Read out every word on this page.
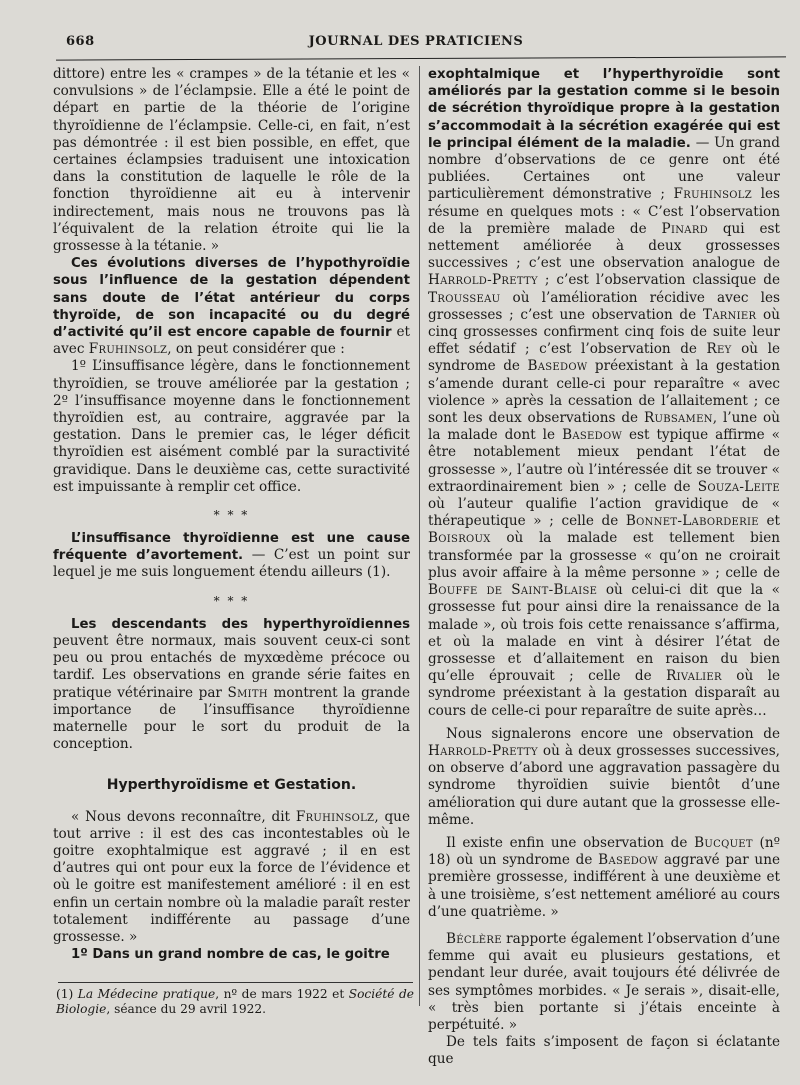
668	JOURNAL DES PRATICIENS

dittore) entre les « crampes » de la tétanie et les « convulsions » de l’éclampsie. Elle a été le point de départ en partie de la théorie de l’origine thyroïdienne de l’éclampsie. Celle-ci, en fait, n’est pas démontrée : il est bien possible, en effet, que certaines éclampsies traduisent une intoxication dans la constitution de laquelle le rôle de la fonction thyroïdienne ait eu à intervenir indirectement, mais nous ne trouvons pas là l’équivalent de la relation étroite qui lie la grossesse à la tétanie. »

Ces évolutions diverses de l’hypothyroïdie sous l’influence de la gestation dépendent sans doute de l’état antérieur du corps thyroïde, de son incapacité ou du degré d’activité qu’il est encore capable de fournir et avec Fruhinsolz, on peut considérer que :

1º L’insuffisance légère, dans le fonctionnement thyroïdien, se trouve améliorée par la gestation ; 2º l’insuffisance moyenne dans le fonctionnement thyroïdien est, au contraire, aggravée par la gestation. Dans le premier cas, le léger déficit thyroïdien est aisément comblé par la suractivité gravidique. Dans le deuxième cas, cette suractivité est impuissante à remplir cet office.

* * *

L’insuffisance thyroïdienne est une cause fréquente d’avortement. — C’est un point sur lequel je me suis longuement étendu ailleurs (1).

* * *

Les descendants des hyperthyroïdiennes peuvent être normaux, mais souvent ceux-ci sont peu ou prou entachés de myxœdème précoce ou tardif. Les observations en grande série faites en pratique vétérinaire par Smith montrent la grande importance de l’insuffisance thyroïdienne maternelle pour le sort du produit de la conception.

Hyperthyroïdisme et Gestation.

« Nous devons reconnaître, dit Fruhinsolz, que tout arrive : il est des cas incontestables où le goitre exophtalmique est aggravé ; il en est d’autres qui ont pour eux la force de l’évidence et où le goitre est manifestement amélioré : il en est enfin un certain nombre où la maladie paraît rester totalement indifférente au passage d’une grossesse. »

1º Dans un grand nombre de cas, le goitre

(1) La Médecine pratique, nº de mars 1922 et Société de Biologie, séance du 29 avril 1922.

exophtalmique et l’hyperthyroïdie sont améliorés par la gestation comme si le besoin de sécrétion thyroïdique propre à la gestation s’accommodait à la sécrétion exagérée qui est le principal élément de la maladie. — Un grand nombre d’observations de ce genre ont été publiées. Certaines ont une valeur particulièrement démonstrative ; Fruhinsolz les résume en quelques mots : « C’est l’observation de la première malade de Pinard qui est nettement améliorée à deux grossesses successives ; c’est une observation analogue de Harrold-Pretty ; c’est l’observation classique de Trousseau où l’amélioration récidive avec les grossesses ; c’est une observation de Tarnier où cinq grossesses confirment cinq fois de suite leur effet sédatif ; c’est l’observation de Rey où le syndrome de Basedow préexistant à la gestation s’amende durant celle-ci pour reparaître « avec violence » après la cessation de l’allaitement ; ce sont les deux observations de Rubsamen, l’une où la malade dont le Basedow est typique affirme « être notablement mieux pendant l’état de grossesse », l’autre où l’intéressée dit se trouver « extraordinairement bien » ; celle de Souza-Leite où l’auteur qualifie l’action gravidique de « thérapeutique » ; celle de Bonnet-Laborderie et Boisroux où la malade est tellement bien transformée par la grossesse « qu’on ne croirait plus avoir affaire à la même personne » ; celle de Bouffe de Saint-Blaise où celui-ci dit que la « grossesse fut pour ainsi dire la renaissance de la malade », où trois fois cette renaissance s’affirma, et où la malade en vint à désirer l’état de grossesse et d’allaitement en raison du bien qu’elle éprouvait ; celle de Rivalier où le syndrome préexistant à la gestation disparaît au cours de celle-ci pour reparaître de suite après…

Nous signalerons encore une observation de Harrold-Pretty où à deux grossesses successives, on observe d’abord une aggravation passagère du syndrome thyroïdien suivie bientôt d’une amélioration qui dure autant que la grossesse elle-même.

Il existe enfin une observation de Bucquet (nº 18) où un syndrome de Basedow aggravé par une première grossesse, indifférent à une deuxième et à une troisième, s’est nettement amélioré au cours d’une quatrième. »

Béclère rapporte également l’observation d’une femme qui avait eu plusieurs gestations, et pendant leur durée, avait toujours été délivrée de ses symptômes morbides. « Je serais », disait-elle, « très bien portante si j’étais enceinte à perpétuité. »

De tels faits s’imposent de façon si éclatante que
